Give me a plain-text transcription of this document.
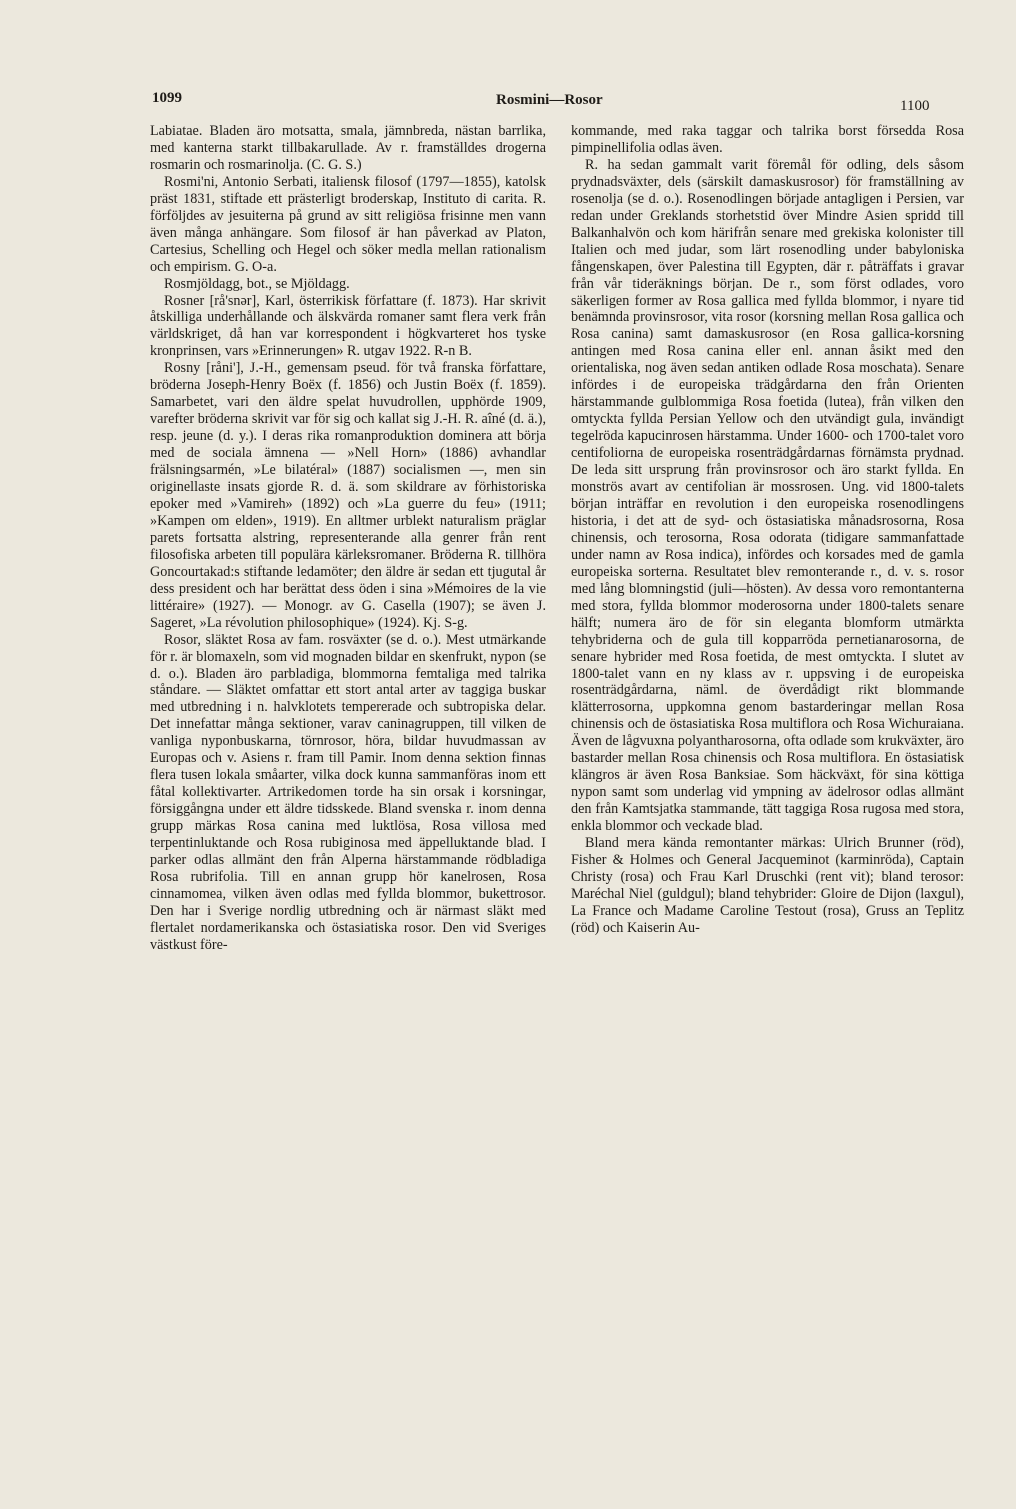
1099	Rosmini—Rosor	1100

Labiatae. Bladen äro motsatta, smala, jämnbreda, nästan barrlika, med kanterna starkt tillbakarullade. Av r. framställdes drogerna rosmarin och rosmarinolja. (C. G. S.)

Rosmi'ni, Antonio Serbati, italiensk filosof (1797—1855), katolsk präst 1831, stiftade ett prästerligt broderskap, Instituto di carita. R. förföljdes av jesuiterna på grund av sitt religiösa frisinne men vann även många anhängare. Som filosof är han påverkad av Platon, Cartesius, Schelling och Hegel och söker medla mellan rationalism och empirism. G. O-a.

Rosmjöldagg, bot., se Mjöldagg.

Rosner [rå'snər], Karl, österrikisk författare (f. 1873). Har skrivit åtskilliga underhållande och älskvärda romaner samt flera verk från världskriget, då han var korrespondent i högkvarteret hos tyske kronprinsen, vars »Erinnerungen» R. utgav 1922. R-n B.

Rosny [råni'], J.-H., gemensam pseud. för två franska författare, bröderna Joseph-Henry Boëx (f. 1856) och Justin Boëx (f. 1859). Samarbetet, vari den äldre spelat huvudrollen, upphörde 1909, varefter bröderna skrivit var för sig och kallat sig J.-H. R. aîné (d. ä.), resp. jeune (d. y.). I deras rika romanproduktion dominera att börja med de sociala ämnena — »Nell Horn» (1886) avhandlar frälsningsarmén, »Le bilatéral» (1887) socialismen —, men sin originellaste insats gjorde R. d. ä. som skildrare av förhistoriska epoker med »Vamireh» (1892) och »La guerre du feu» (1911; »Kampen om elden», 1919). En alltmer urblekt naturalism präglar parets fortsatta alstring, representerande alla genrer från rent filosofiska arbeten till populära kärleksromaner. Bröderna R. tillhöra Goncourtakad:s stiftande ledamöter; den äldre är sedan ett tjugutal år dess president och har berättat dess öden i sina »Mémoires de la vie littéraire» (1927). — Monogr. av G. Casella (1907); se även J. Sageret, »La révolution philosophique» (1924). Kj. S-g.

Rosor, släktet Rosa av fam. rosväxter (se d. o.). Mest utmärkande för r. är blomaxeln, som vid mognaden bildar en skenfrukt, nypon (se d. o.). Bladen äro parbladiga, blommorna femtaliga med talrika ståndare. — Släktet omfattar ett stort antal arter av taggiga buskar med utbredning i n. halvklotets tempererade och subtropiska delar. Det innefattar många sektioner, varav caninagruppen, till vilken de vanliga nyponbuskarna, törnrosor, höra, bildar huvudmassan av Europas och v. Asiens r. fram till Pamir. Inom denna sektion finnas flera tusen lokala småarter, vilka dock kunna sammanföras inom ett fåtal kollektivarter. Artrikedomen torde ha sin orsak i korsningar, försiggångna under ett äldre tidsskede. Bland svenska r. inom denna grupp märkas Rosa canina med luktlösa, Rosa villosa med terpentinluktande och Rosa rubiginosa med äppelluktande blad. I parker odlas allmänt den från Alperna härstammande rödbladiga Rosa rubrifolia. Till en annan grupp hör kanelrosen, Rosa cinnamomea, vilken även odlas med fyllda blommor, bukettrosor. Den har i Sverige nordlig utbredning och är närmast släkt med flertalet nordamerikanska och östasiatiska rosor. Den vid Sveriges västkust före-

kommande, med raka taggar och talrika borst försedda Rosa pimpinellifolia odlas även.

R. ha sedan gammalt varit föremål för odling, dels såsom prydnadsväxter, dels (särskilt damaskusrosor) för framställning av rosenolja (se d. o.). Rosenodlingen började antagligen i Persien, var redan under Greklands storhetstid över Mindre Asien spridd till Balkanhalvön och kom härifrån senare med grekiska kolonister till Italien och med judar, som lärt rosenodling under babyloniska fångenskapen, över Palestina till Egypten, där r. påträffats i gravar från vår tideräknings början. De r., som först odlades, voro säkerligen former av Rosa gallica med fyllda blommor, i nyare tid benämnda provinsrosor, vita rosor (korsning mellan Rosa gallica och Rosa canina) samt damaskusrosor (en Rosa gallica-korsning antingen med Rosa canina eller enl. annan åsikt med den orientaliska, nog även sedan antiken odlade Rosa moschata). Senare infördes i de europeiska trädgårdarna den från Orienten härstammande gulblommiga Rosa foetida (lutea), från vilken den omtyckta fyllda Persian Yellow och den utvändigt gula, invändigt tegelröda kapucinrosen härstamma. Under 1600- och 1700-talet voro centifoliorna de europeiska rosenträdgårdarnas förnämsta prydnad. De leda sitt ursprung från provinsrosor och äro starkt fyllda. En monströs avart av centifolian är mossrosen. Ung. vid 1800-talets början inträffar en revolution i den europeiska rosenodlingens historia, i det att de syd- och östasiatiska månadsrosorna, Rosa chinensis, och terosorna, Rosa odorata (tidigare sammanfattade under namn av Rosa indica), infördes och korsades med de gamla europeiska sorterna. Resultatet blev remonterande r., d. v. s. rosor med lång blomningstid (juli—hösten). Av dessa voro remontanterna med stora, fyllda blommor moderosorna under 1800-talets senare hälft; numera äro de för sin eleganta blomform utmärkta tehybriderna och de gula till kopparröda pernetianarosorna, de senare hybrider med Rosa foetida, de mest omtyckta. I slutet av 1800-talet vann en ny klass av r. uppsving i de europeiska rosenträdgårdarna, näml. de överdådigt rikt blommande klätterrosorna, uppkomna genom bastarderingar mellan Rosa chinensis och de östasiatiska Rosa multiflora och Rosa Wichuraiana. Även de lågvuxna polyantharosorna, ofta odlade som krukväxter, äro bastarder mellan Rosa chinensis och Rosa multiflora. En östasiatisk klängros är även Rosa Banksiae. Som häckväxt, för sina köttiga nypon samt som underlag vid ympning av ädelrosor odlas allmänt den från Kamtsjatka stammande, tätt taggiga Rosa rugosa med stora, enkla blommor och veckade blad.

Bland mera kända remontanter märkas: Ulrich Brunner (röd), Fisher & Holmes och General Jacqueminot (karminröda), Captain Christy (rosa) och Frau Karl Druschki (rent vit); bland terosor: Maréchal Niel (guldgul); bland tehybrider: Gloire de Dijon (laxgul), La France och Madame Caroline Testout (rosa), Gruss an Teplitz (röd) och Kaiserin Au-
